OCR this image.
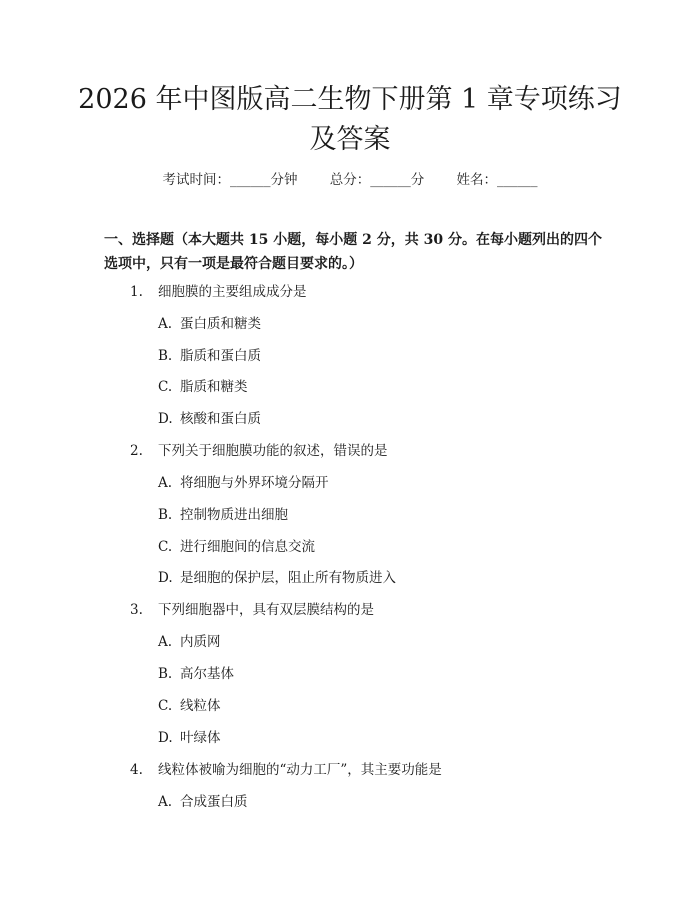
2026 年中图版高二生物下册第 1 章专项练习
及答案
考试时间：______分钟 总分：______分 姓名：______
一、选择题（本大题共 15 小题，每小题 2 分，共 30 分。在每小题列出的四个选项中，只有一项是最符合题目要求的。）
1. 细胞膜的主要组成成分是
A. 蛋白质和糖类
B. 脂质和蛋白质
C. 脂质和糖类
D. 核酸和蛋白质
2. 下列关于细胞膜功能的叙述，错误的是
A. 将细胞与外界环境分隔开
B. 控制物质进出细胞
C. 进行细胞间的信息交流
D. 是细胞的保护层，阻止所有物质进入
3. 下列细胞器中，具有双层膜结构的是
A. 内质网
B. 高尔基体
C. 线粒体
D. 叶绿体
4. 线粒体被喻为细胞的“动力工厂”，其主要功能是
A. 合成蛋白质
